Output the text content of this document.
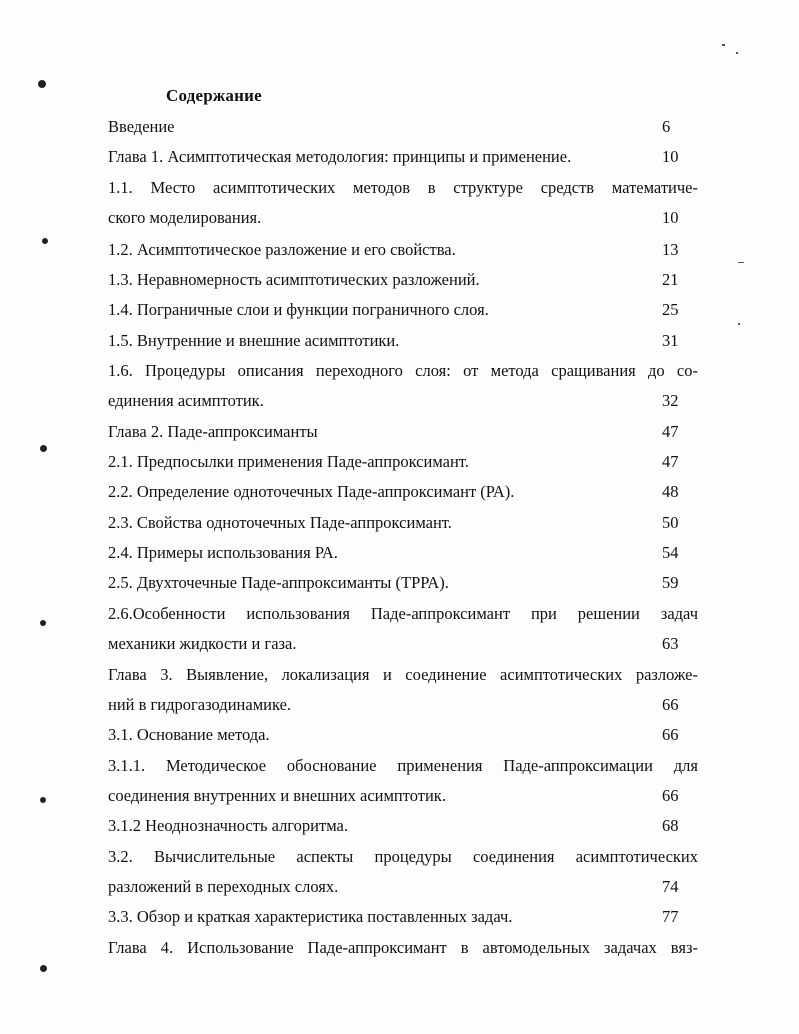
Содержание
Введение	6
Глава 1. Асимптотическая методология: принципы и применение.	10
1.1. Место асимптотических методов в структуре средств математиче-
ского моделирования.	10
1.2. Асимптотическое разложение и его свойства.	13
1.3. Неравномерность асимптотических разложений.	21
1.4. Пограничные слои и функции пограничного слоя.	25
1.5. Внутренние и внешние асимптотики.	31
1.6. Процедуры описания переходного слоя: от метода сращивания до со-
единения асимптотик.	32
Глава 2. Паде-аппроксиманты	47
2.1. Предпосылки применения Паде-аппроксимант.	47
2.2. Определение одноточечных Паде-аппроксимант (РА).	48
2.3. Свойства одноточечных Паде-аппроксимант.	50
2.4. Примеры использования РА.	54
2.5. Двухточечные Паде-аппроксиманты (ТРРА).	59
2.6.Особенности использования Паде-аппроксимант при решении задач
механики жидкости и газа.	63
Глава 3. Выявление, локализация и соединение асимптотических разложе-
ний в гидрогазодинамике.	66
3.1. Основание метода.	66
3.1.1. Методическое обоснование применения Паде-аппроксимации для
соединения внутренних и внешних асимптотик.	66
3.1.2 Неоднозначность алгоритма.	68
3.2. Вычислительные аспекты процедуры соединения асимптотических
разложений в переходных слоях.	74
3.3. Обзор и краткая характеристика поставленных задач.	77
Глава 4. Использование Паде-аппроксимант в автомодельных задачах вяз-
